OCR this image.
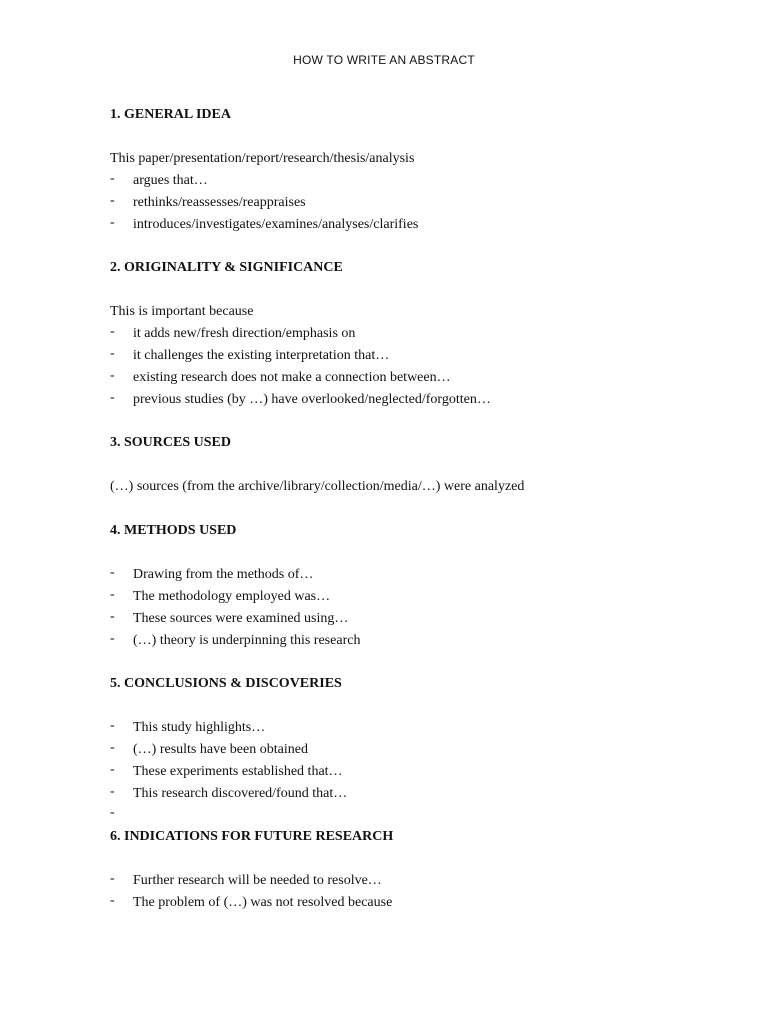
HOW TO WRITE AN ABSTRACT
1. GENERAL IDEA
This paper/presentation/report/research/thesis/analysis
- argues that…
- rethinks/reassesses/reappraises
- introduces/investigates/examines/analyses/clarifies
2. ORIGINALITY & SIGNIFICANCE
This is important because
- it adds new/fresh direction/emphasis on
- it challenges the existing interpretation that…
- existing research does not make a connection between…
- previous studies (by …) have overlooked/neglected/forgotten…
3. SOURCES USED
(…) sources (from the archive/library/collection/media/…) were analyzed
4. METHODS USED
- Drawing from the methods of…
- The methodology employed was…
- These sources were examined using…
- (…) theory is underpinning this research
5. CONCLUSIONS & DISCOVERIES
- This study highlights…
- (…) results have been obtained
- These experiments established that…
- This research discovered/found that…
-
6. INDICATIONS FOR FUTURE RESEARCH
- Further research will be needed to resolve…
- The problem of (…) was not resolved because
